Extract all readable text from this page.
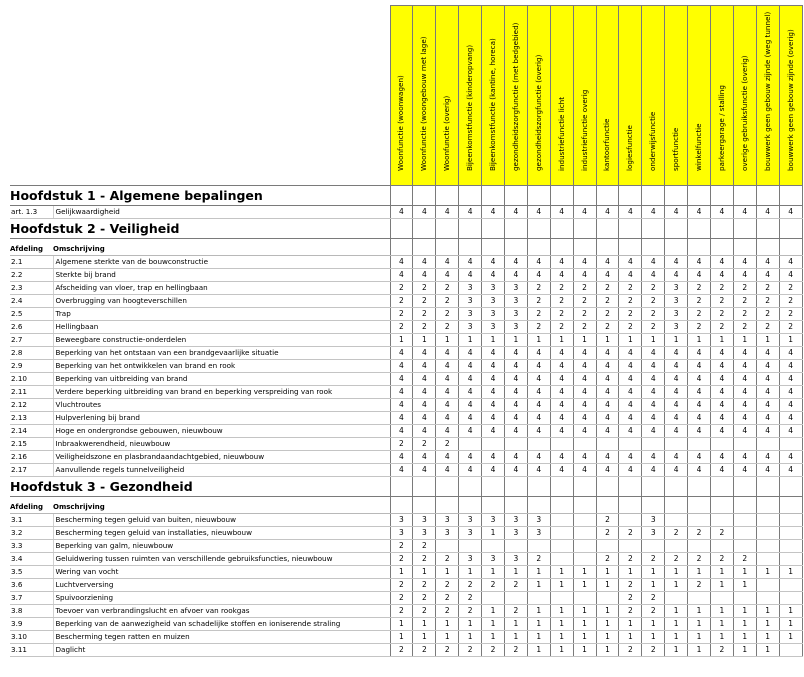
		Woonfunctie (woonwagen)	Woonfunctie (woongebouw met lage)	Woonfunctie (overig)	Bijeenkomstfunctie (kinderopvang)	Bijeenkomstfunctie (kantine, horeca)	gezondheidszorgfunctie (met bedgebied)	gezondheidszorgfunctie (overig)	industriefunctie licht	industriefunctie overig	kantoorfunctie	logiesfunctie	onderwijsfunctie	sportfunctie	winkelfunctie	parkeergarage / stalling	overige gebruiksfunctie (overig)	bouwwerk geen gebouw zijnde (weg tunnel)	bouwwerk geen gebouw zijnde (overig)

Hoofdstuk 1 - Algemene bepalingen																			
art. 1.3	Gelijkwaardigheid	4	4	4	4	4	4	4	4	4	4	4	4	4	4	4	4	4	4
Hoofdstuk 2 - Veiligheid																			

Afdeling	Omschrijving																		
2.1	Algemene sterkte van de bouwconstructie	4	4	4	4	4	4	4	4	4	4	4	4	4	4	4	4	4	4
2.2	Sterkte bij brand	4	4	4	4	4	4	4	4	4	4	4	4	4	4	4	4	4	4
2.3	Afscheiding van vloer, trap en hellingbaan	2	2	2	3	3	3	2	2	2	2	2	2	3	2	2	2	2	2
2.4	Overbrugging van hoogteverschillen	2	2	2	3	3	3	2	2	2	2	2	2	3	2	2	2	2	2
2.5	Trap	2	2	2	3	3	3	2	2	2	2	2	2	3	2	2	2	2	2
2.6	Hellingbaan	2	2	2	3	3	3	2	2	2	2	2	2	3	2	2	2	2	2
2.7	Beweegbare constructie-onderdelen	1	1	1	1	1	1	1	1	1	1	1	1	1	1	1	1	1	1
2.8	Beperking van het ontstaan van een brandgevaarlijke situatie	4	4	4	4	4	4	4	4	4	4	4	4	4	4	4	4	4	4
2.9	Beperking van het ontwikkelen van brand en rook	4	4	4	4	4	4	4	4	4	4	4	4	4	4	4	4	4	4
2.10	Beperking van uitbreiding van brand	4	4	4	4	4	4	4	4	4	4	4	4	4	4	4	4	4	4
2.11	Verdere beperking uitbreiding van brand en beperking verspreiding van rook	4	4	4	4	4	4	4	4	4	4	4	4	4	4	4	4	4	4
2.12	Vluchtroutes	4	4	4	4	4	4	4	4	4	4	4	4	4	4	4	4	4	4
2.13	Hulpverlening bij brand	4	4	4	4	4	4	4	4	4	4	4	4	4	4	4	4	4	4
2.14	Hoge en ondergrondse gebouwen, nieuwbouw	4	4	4	4	4	4	4	4	4	4	4	4	4	4	4	4	4	4
2.15	Inbraakwerendheid, nieuwbouw	2	2	2															
2.16	Veiligheidszone en plasbrandaandachtgebied, nieuwbouw	4	4	4	4	4	4	4	4	4	4	4	4	4	4	4	4	4	4
2.17	Aanvullende regels tunnelveiligheid	4	4	4	4	4	4	4	4	4	4	4	4	4	4	4	4	4	4
Hoofdstuk 3 - Gezondheid																			

Afdeling	Omschrijving																		
3.1	Bescherming tegen geluid van buiten, nieuwbouw	3	3	3	3	3	3	3			2		3						
3.2	Bescherming tegen geluid van installaties, nieuwbouw	3	3	3	3	1	3	3			2	2	3	2	2	2			
3.3	Beperking van galm, nieuwbouw	2	2																
3.4	Geluidwering tussen ruimten van verschillende gebruiksfuncties, nieuwbouw	2	2	2	3	3	3	2			2	2	2	2	2	2	2		
3.5	Wering van vocht	1	1	1	1	1	1	1	1	1	1	1	1	1	1	1	1	1	1
3.6	Luchtverversing	2	2	2	2	2	2	1	1	1	1	2	1	1	2	1	1		
3.7	Spuivoorziening	2	2	2	2							2	2						
3.8	Toevoer van verbrandingslucht en afvoer van rookgas	2	2	2	2	1	2	1	1	1	1	2	2	1	1	1	1	1	1
3.9	Beperking van de aanwezigheid van schadelijke stoffen en ioniserende straling	1	1	1	1	1	1	1	1	1	1	1	1	1	1	1	1	1	1
3.10	Bescherming tegen ratten en muizen	1	1	1	1	1	1	1	1	1	1	1	1	1	1	1	1	1	1
3.11	Daglicht	2	2	2	2	2	2	1	1	1	1	2	2	1	1	2	1	1	
